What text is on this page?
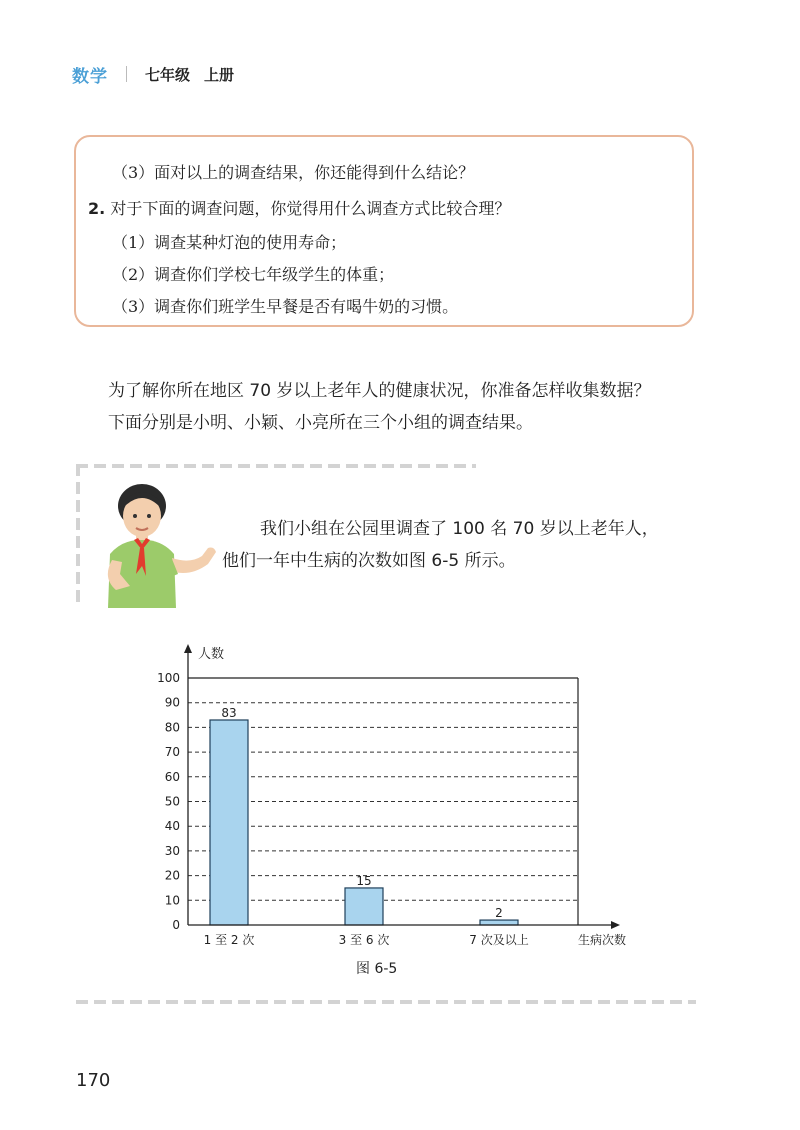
数学 七年级 上册
（3）面对以上的调查结果，你还能得到什么结论？
2. 对于下面的调查问题，你觉得用什么调查方式比较合理？
（1）调查某种灯泡的使用寿命；
（2）调查你们学校七年级学生的体重；
（3）调查你们班学生早餐是否有喝牛奶的习惯。
为了解你所在地区 70 岁以上老年人的健康状况，你准备怎样收集数据？
下面分别是小明、小颖、小亮所在三个小组的调查结果。
我们小组在公园里调查了 100 名 70 岁以上老年人，
他们一年中生病的次数如图 6-5 所示。
0
10
20
30
40
50
60
70
80
90
100
83
1 至 2 次
15
3 至 6 次
2
7 次及以上
人数
生病次数
图 6-5
170
